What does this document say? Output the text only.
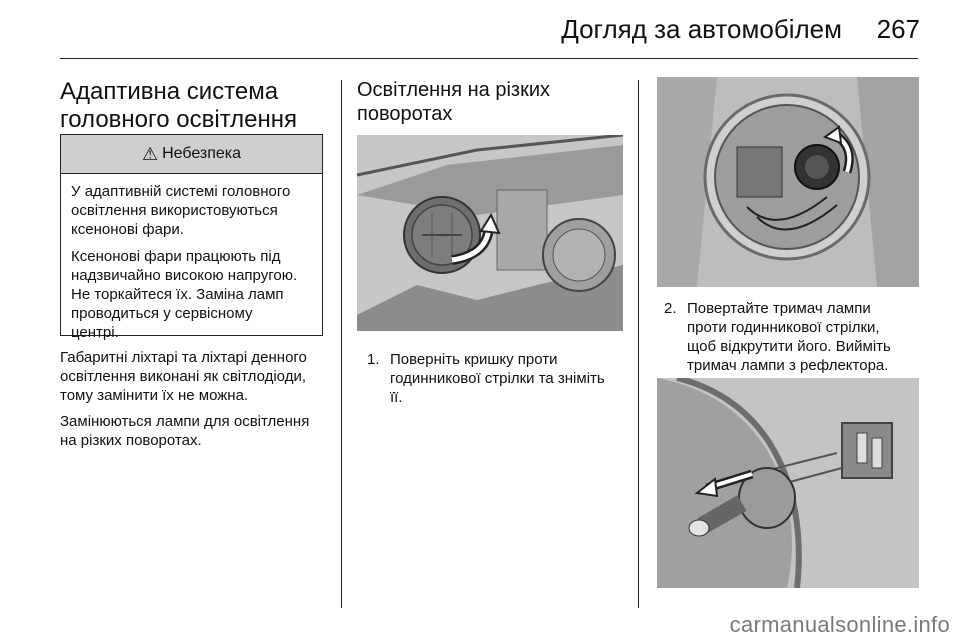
Догляд за автомобілем 267
Адаптивна система
головного освітлення
⚠ Небезпека

У адаптивній системі головного
освітлення використовуються
ксенонові фари.

Ксенонові фари працюють під
надзвичайно високою напругою.
Не торкайтеся їх. Заміна ламп
проводиться у сервісному
центрі.

Габаритні ліхтарі та ліхтарі денного
освітлення виконані як світлодіоди,
тому замінити їх не можна.

Замінюються лампи для освітлення
на різких поворотах.

Освітлення на різких
поворотах
1. Поверніть кришку проти
годинникової стрілки та зніміть
її.
2. Повертайте тримач лампи
проти годинникової стрілки,
щоб відкрутити його. Вийміть
тримач лампи з рефлектора.
carmanualsonline.info
